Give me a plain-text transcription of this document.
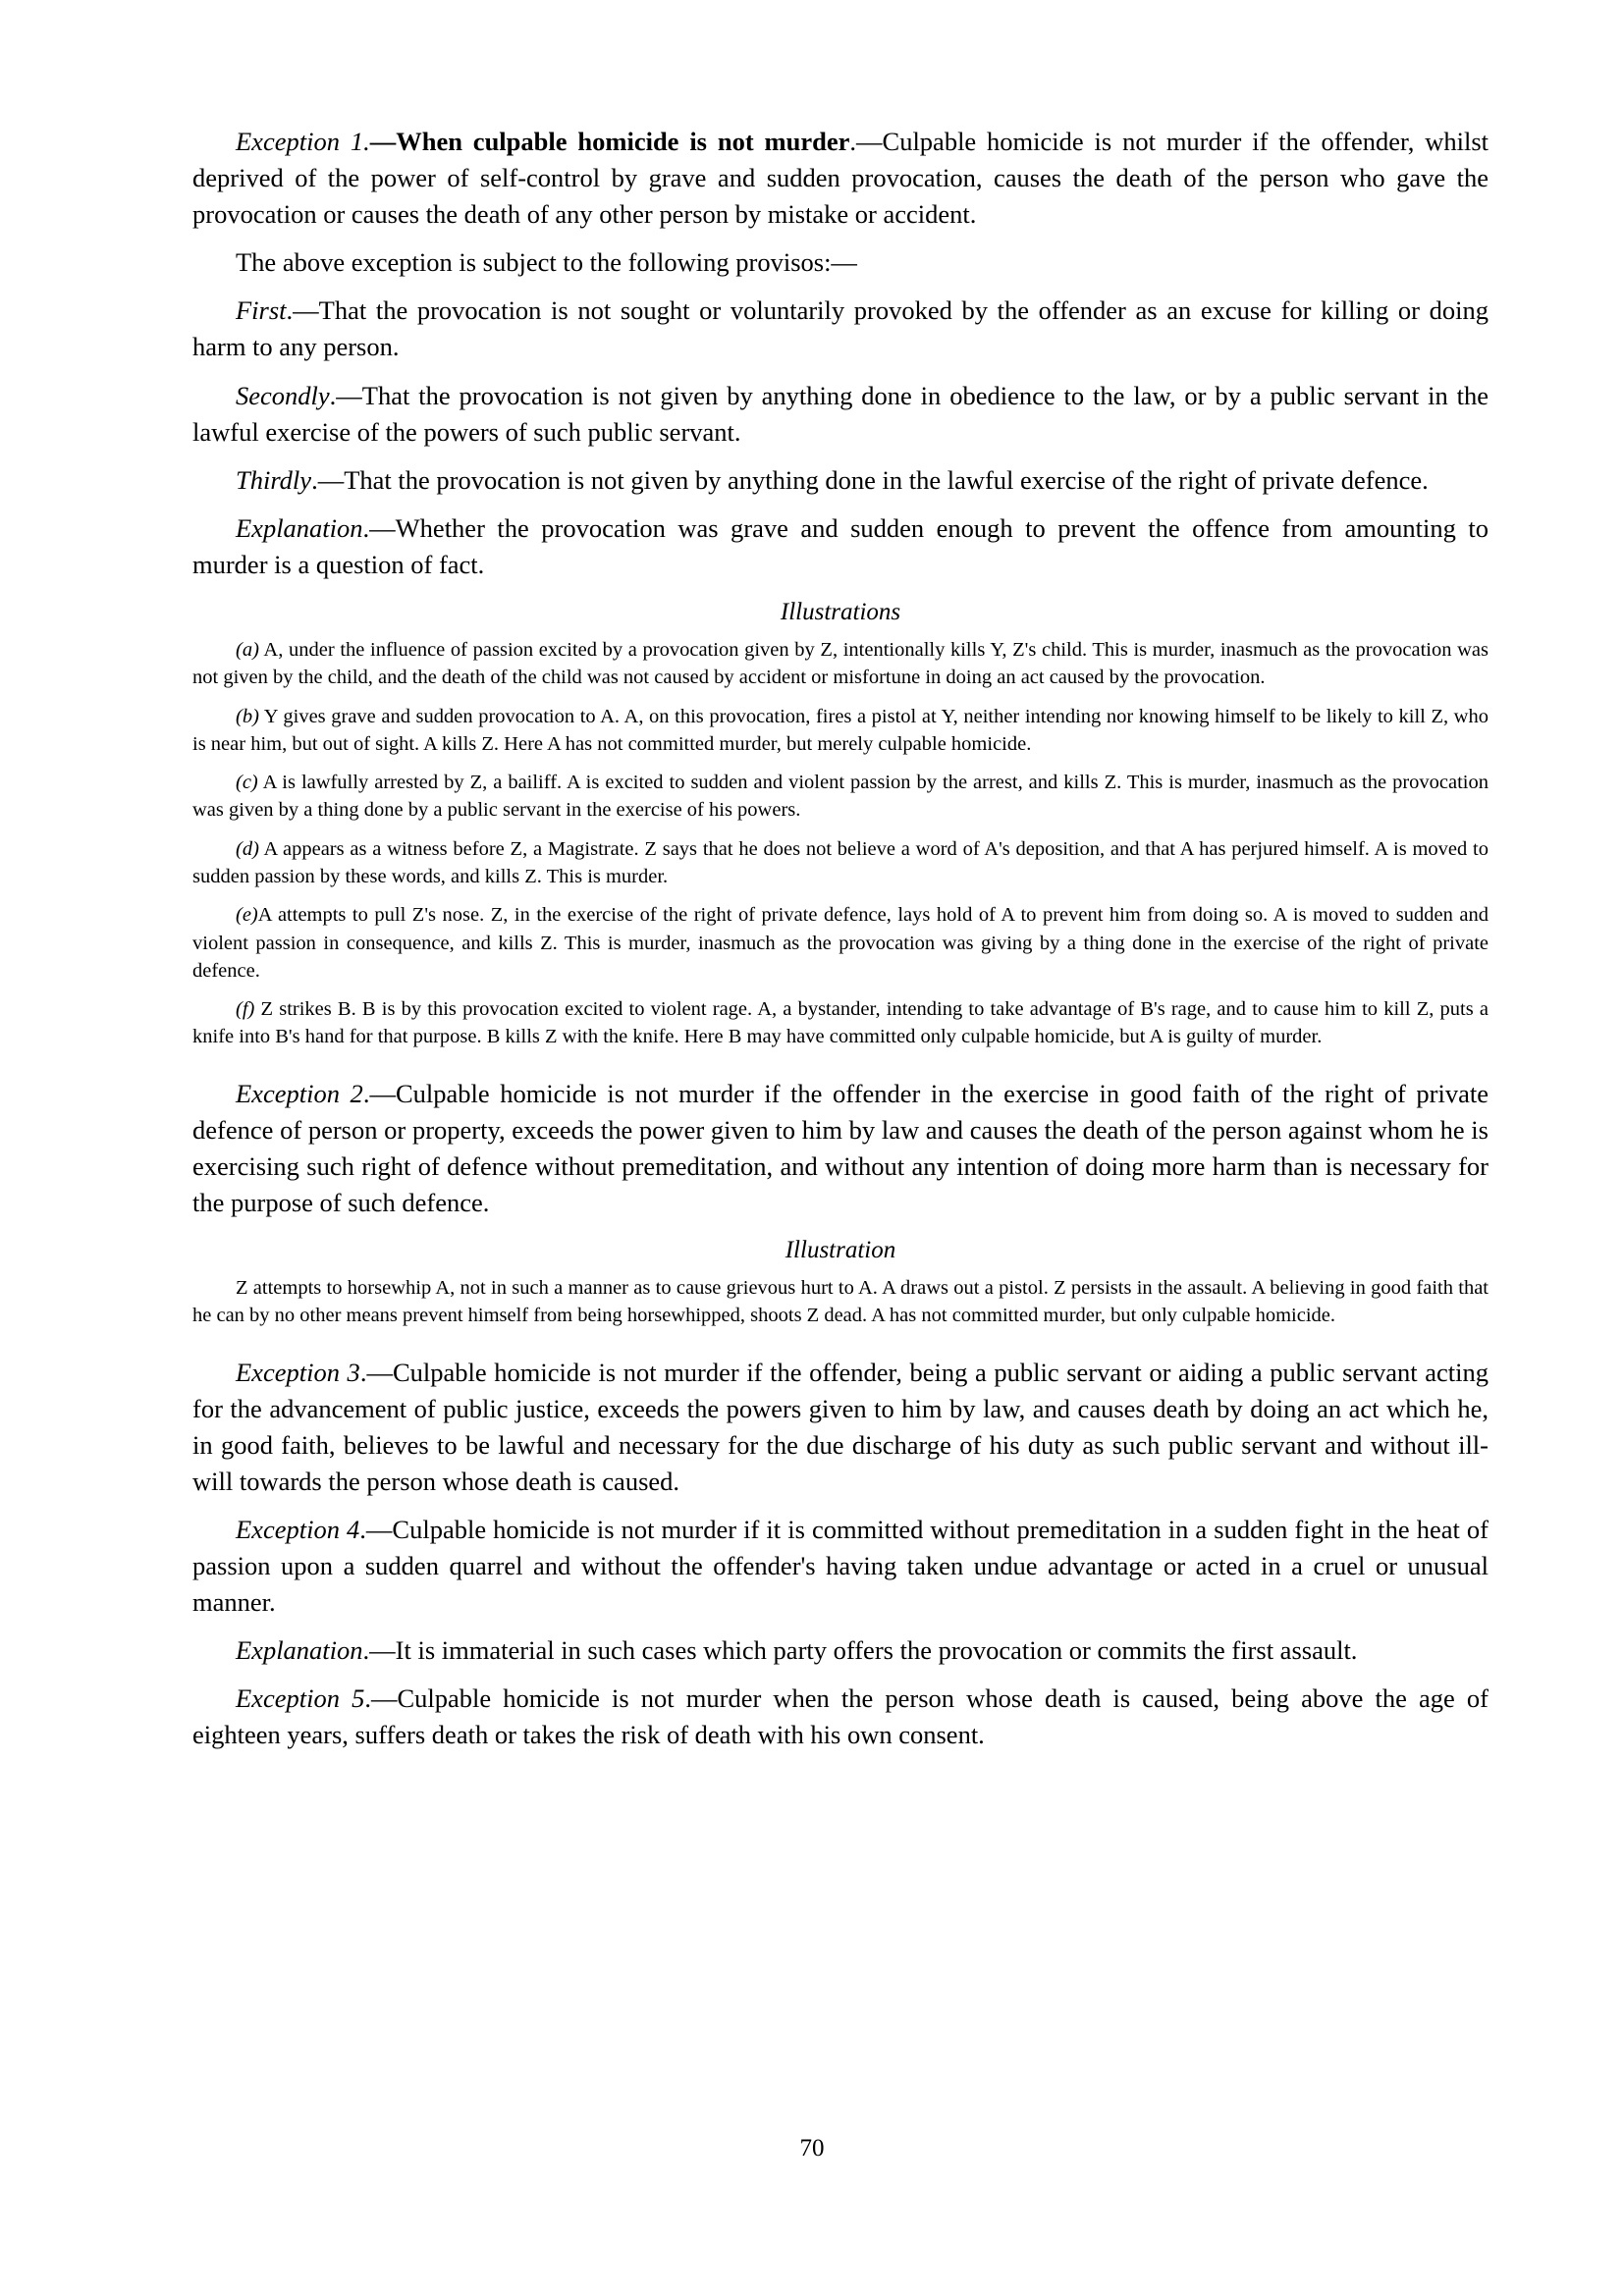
Exception 1.—When culpable homicide is not murder.—Culpable homicide is not murder if the offender, whilst deprived of the power of self-control by grave and sudden provocation, causes the death of the person who gave the provocation or causes the death of any other person by mistake or accident.

The above exception is subject to the following provisos:—

First.—That the provocation is not sought or voluntarily provoked by the offender as an excuse for killing or doing harm to any person.

Secondly.—That the provocation is not given by anything done in obedience to the law, or by a public servant in the lawful exercise of the powers of such public servant.

Thirdly.—That the provocation is not given by anything done in the lawful exercise of the right of private defence.

Explanation.—Whether the provocation was grave and sudden enough to prevent the offence from amounting to murder is a question of fact.

Illustrations

(a) A, under the influence of passion excited by a provocation given by Z, intentionally kills Y, Z's child. This is murder, inasmuch as the provocation was not given by the child, and the death of the child was not caused by accident or misfortune in doing an act caused by the provocation.

(b) Y gives grave and sudden provocation to A. A, on this provocation, fires a pistol at Y, neither intending nor knowing himself to be likely to kill Z, who is near him, but out of sight. A kills Z. Here A has not committed murder, but merely culpable homicide.

(c) A is lawfully arrested by Z, a bailiff. A is excited to sudden and violent passion by the arrest, and kills Z. This is murder, inasmuch as the provocation was given by a thing done by a public servant in the exercise of his powers.

(d) A appears as a witness before Z, a Magistrate. Z says that he does not believe a word of A's deposition, and that A has perjured himself. A is moved to sudden passion by these words, and kills Z. This is murder.

(e)A attempts to pull Z's nose. Z, in the exercise of the right of private defence, lays hold of A to prevent him from doing so. A is moved to sudden and violent passion in consequence, and kills Z. This is murder, inasmuch as the provocation was giving by a thing done in the exercise of the right of private defence.

(f) Z strikes B. B is by this provocation excited to violent rage. A, a bystander, intending to take advantage of B's rage, and to cause him to kill Z, puts a knife into B's hand for that purpose. B kills Z with the knife. Here B may have committed only culpable homicide, but A is guilty of murder.

Exception 2.—Culpable homicide is not murder if the offender in the exercise in good faith of the right of private defence of person or property, exceeds the power given to him by law and causes the death of the person against whom he is exercising such right of defence without premeditation, and without any intention of doing more harm than is necessary for the purpose of such defence.

Illustration

Z attempts to horsewhip A, not in such a manner as to cause grievous hurt to A. A draws out a pistol. Z persists in the assault. A believing in good faith that he can by no other means prevent himself from being horsewhipped, shoots Z dead. A has not committed murder, but only culpable homicide.

Exception 3.—Culpable homicide is not murder if the offender, being a public servant or aiding a public servant acting for the advancement of public justice, exceeds the powers given to him by law, and causes death by doing an act which he, in good faith, believes to be lawful and necessary for the due discharge of his duty as such public servant and without ill-will towards the person whose death is caused.

Exception 4.—Culpable homicide is not murder if it is committed without premeditation in a sudden fight in the heat of passion upon a sudden quarrel and without the offender's having taken undue advantage or acted in a cruel or unusual manner.

Explanation.—It is immaterial in such cases which party offers the provocation or commits the first assault.

Exception 5.—Culpable homicide is not murder when the person whose death is caused, being above the age of eighteen years, suffers death or takes the risk of death with his own consent.

70
